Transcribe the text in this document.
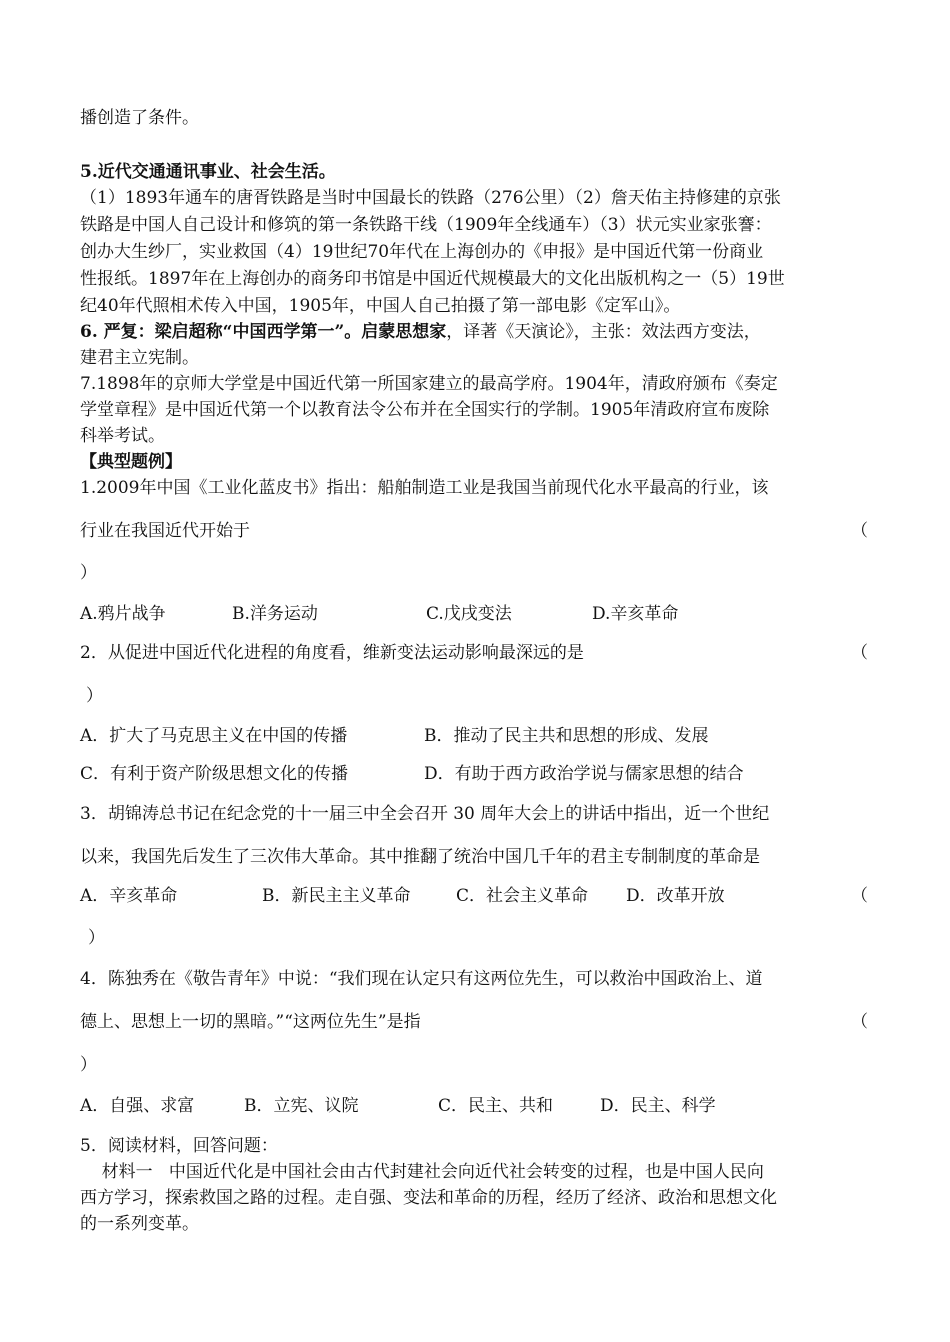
播创造了条件。
5.近代交通通讯事业、社会生活。
（1）1893年通车的唐胥铁路是当时中国最长的铁路（276公里）（2）詹天佑主持修建的京张
铁路是中国人自己设计和修筑的第一条铁路干线（1909年全线通车）（3）状元实业家张謇：
创办大生纱厂，实业救国（4）19世纪70年代在上海创办的《申报》是中国近代第一份商业
性报纸。1897年在上海创办的商务印书馆是中国近代规模最大的文化出版机构之一（5）19世
纪40年代照相术传入中国，1905年，中国人自己拍摄了第一部电影《定军山》。
6. 严复：梁启超称“中国西学第一”。启蒙思想家，译著《天演论》，主张：效法西方变法，
建君主立宪制。
7.1898年的京师大学堂是中国近代第一所国家建立的最高学府。1904年，清政府颁布《奏定
学堂章程》是中国近代第一个以教育法令公布并在全国实行的学制。1905年清政府宣布废除
科举考试。
【典型题例】
1.2009年中国《工业化蓝皮书》指出：船舶制造工业是我国当前现代化水平最高的行业，该
行业在我国近代开始于	（
）
A.鸦片战争	B.洋务运动	C.戊戌变法	D.辛亥革命
2．从促进中国近代化进程的角度看，维新变法运动影响最深远的是	（
）
A．扩大了马克思主义在中国的传播	B．推动了民主共和思想的形成、发展
C．有利于资产阶级思想文化的传播	D．有助于西方政治学说与儒家思想的结合
3．胡锦涛总书记在纪念党的十一届三中全会召开 30 周年大会上的讲话中指出，近一个世纪
以来，我国先后发生了三次伟大革命。其中推翻了统治中国几千年的君主专制制度的革命是
A．辛亥革命	B．新民主主义革命	C．社会主义革命 D．改革开放	（
）
4．陈独秀在《敬告青年》中说：“我们现在认定只有这两位先生，可以救治中国政治上、道
德上、思想上一切的黑暗。”“这两位先生”是指	（
）
A．自强、求富	B．立宪、议院	C．民主、共和	D．民主、科学
5．阅读材料，回答问题：
材料一   中国近代化是中国社会由古代封建社会向近代社会转变的过程，也是中国人民向
西方学习，探索救国之路的过程。走自强、变法和革命的历程，经历了经济、政治和思想文化
的一系列变革。
